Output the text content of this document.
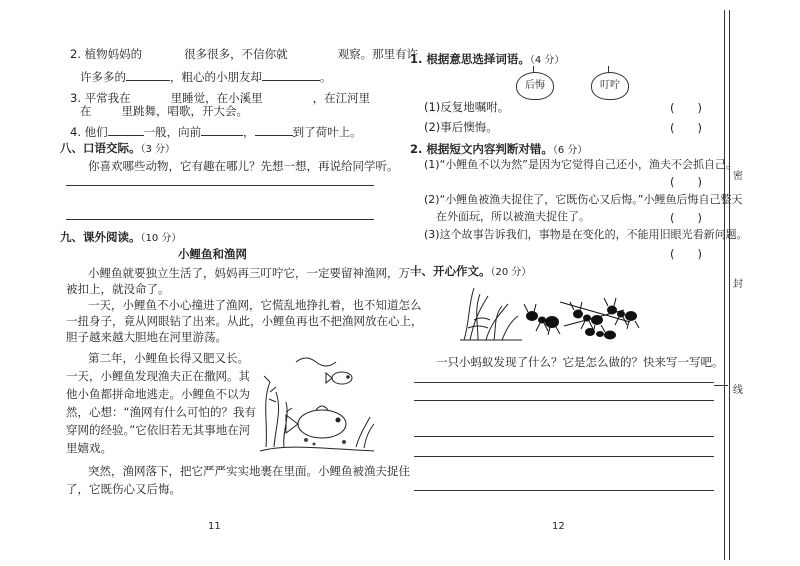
2. 植物妈妈的	很多很多，不信你就	观察。那里有许
许多多的	，粗心的小朋友却	。
3. 平常我在	里睡觉，在小溪里	，在江河里
在	里跳舞，唱歌，开大会。
4. 他们	一般，向前	，	到了荷叶上。
八、口语交际。（3 分）
你喜欢哪些动物，它有趣在哪儿？先想一想，再说给同学听。
九、课外阅读。（10 分）
小鲤鱼和渔网
小鲤鱼就要独立生活了，妈妈再三叮咛它，一定要留神渔网，万一
被扣上，就没命了。
一天，小鲤鱼不小心撞进了渔网，它慌乱地挣扎着，也不知道怎么
一扭身子，竟从网眼钻了出来。从此，小鲤鱼再也不把渔网放在心上，
胆子越来越大胆地在河里游荡。
第二年，小鲤鱼长得又肥又长。
一天，小鲤鱼发现渔夫正在撒网。其
他小鱼都拼命地逃走。小鲤鱼不以为
然，心想：“渔网有什么可怕的？我有
穿网的经验。”它依旧若无其事地在河
里嬉戏。
突然，渔网落下，把它严严实实地裹在里面。小鲤鱼被渔夫捉住
了，它既伤心又后悔。
11
1. 根据意思选择词语。（4 分）
后悔	叮咛
(1)反复地嘱咐。	(　　)
(2)事后懊悔。	(　　)
2. 根据短文内容判断对错。（6 分）
(1)“小鲤鱼不以为然”是因为它觉得自己还小，渔夫不会抓自己。
(　　)
(2)“小鲤鱼被渔夫捉住了，它既伤心又后悔。”小鲤鱼后悔自己整天
在外面玩，所以被渔夫捉住了。	(　　)
(3)这个故事告诉我们，事物是在变化的，不能用旧眼光看新问题。
(　　)
十、开心作文。（20 分）
一只小蚂蚁发现了什么？它是怎么做的？快来写一写吧。
12
密
封
线
